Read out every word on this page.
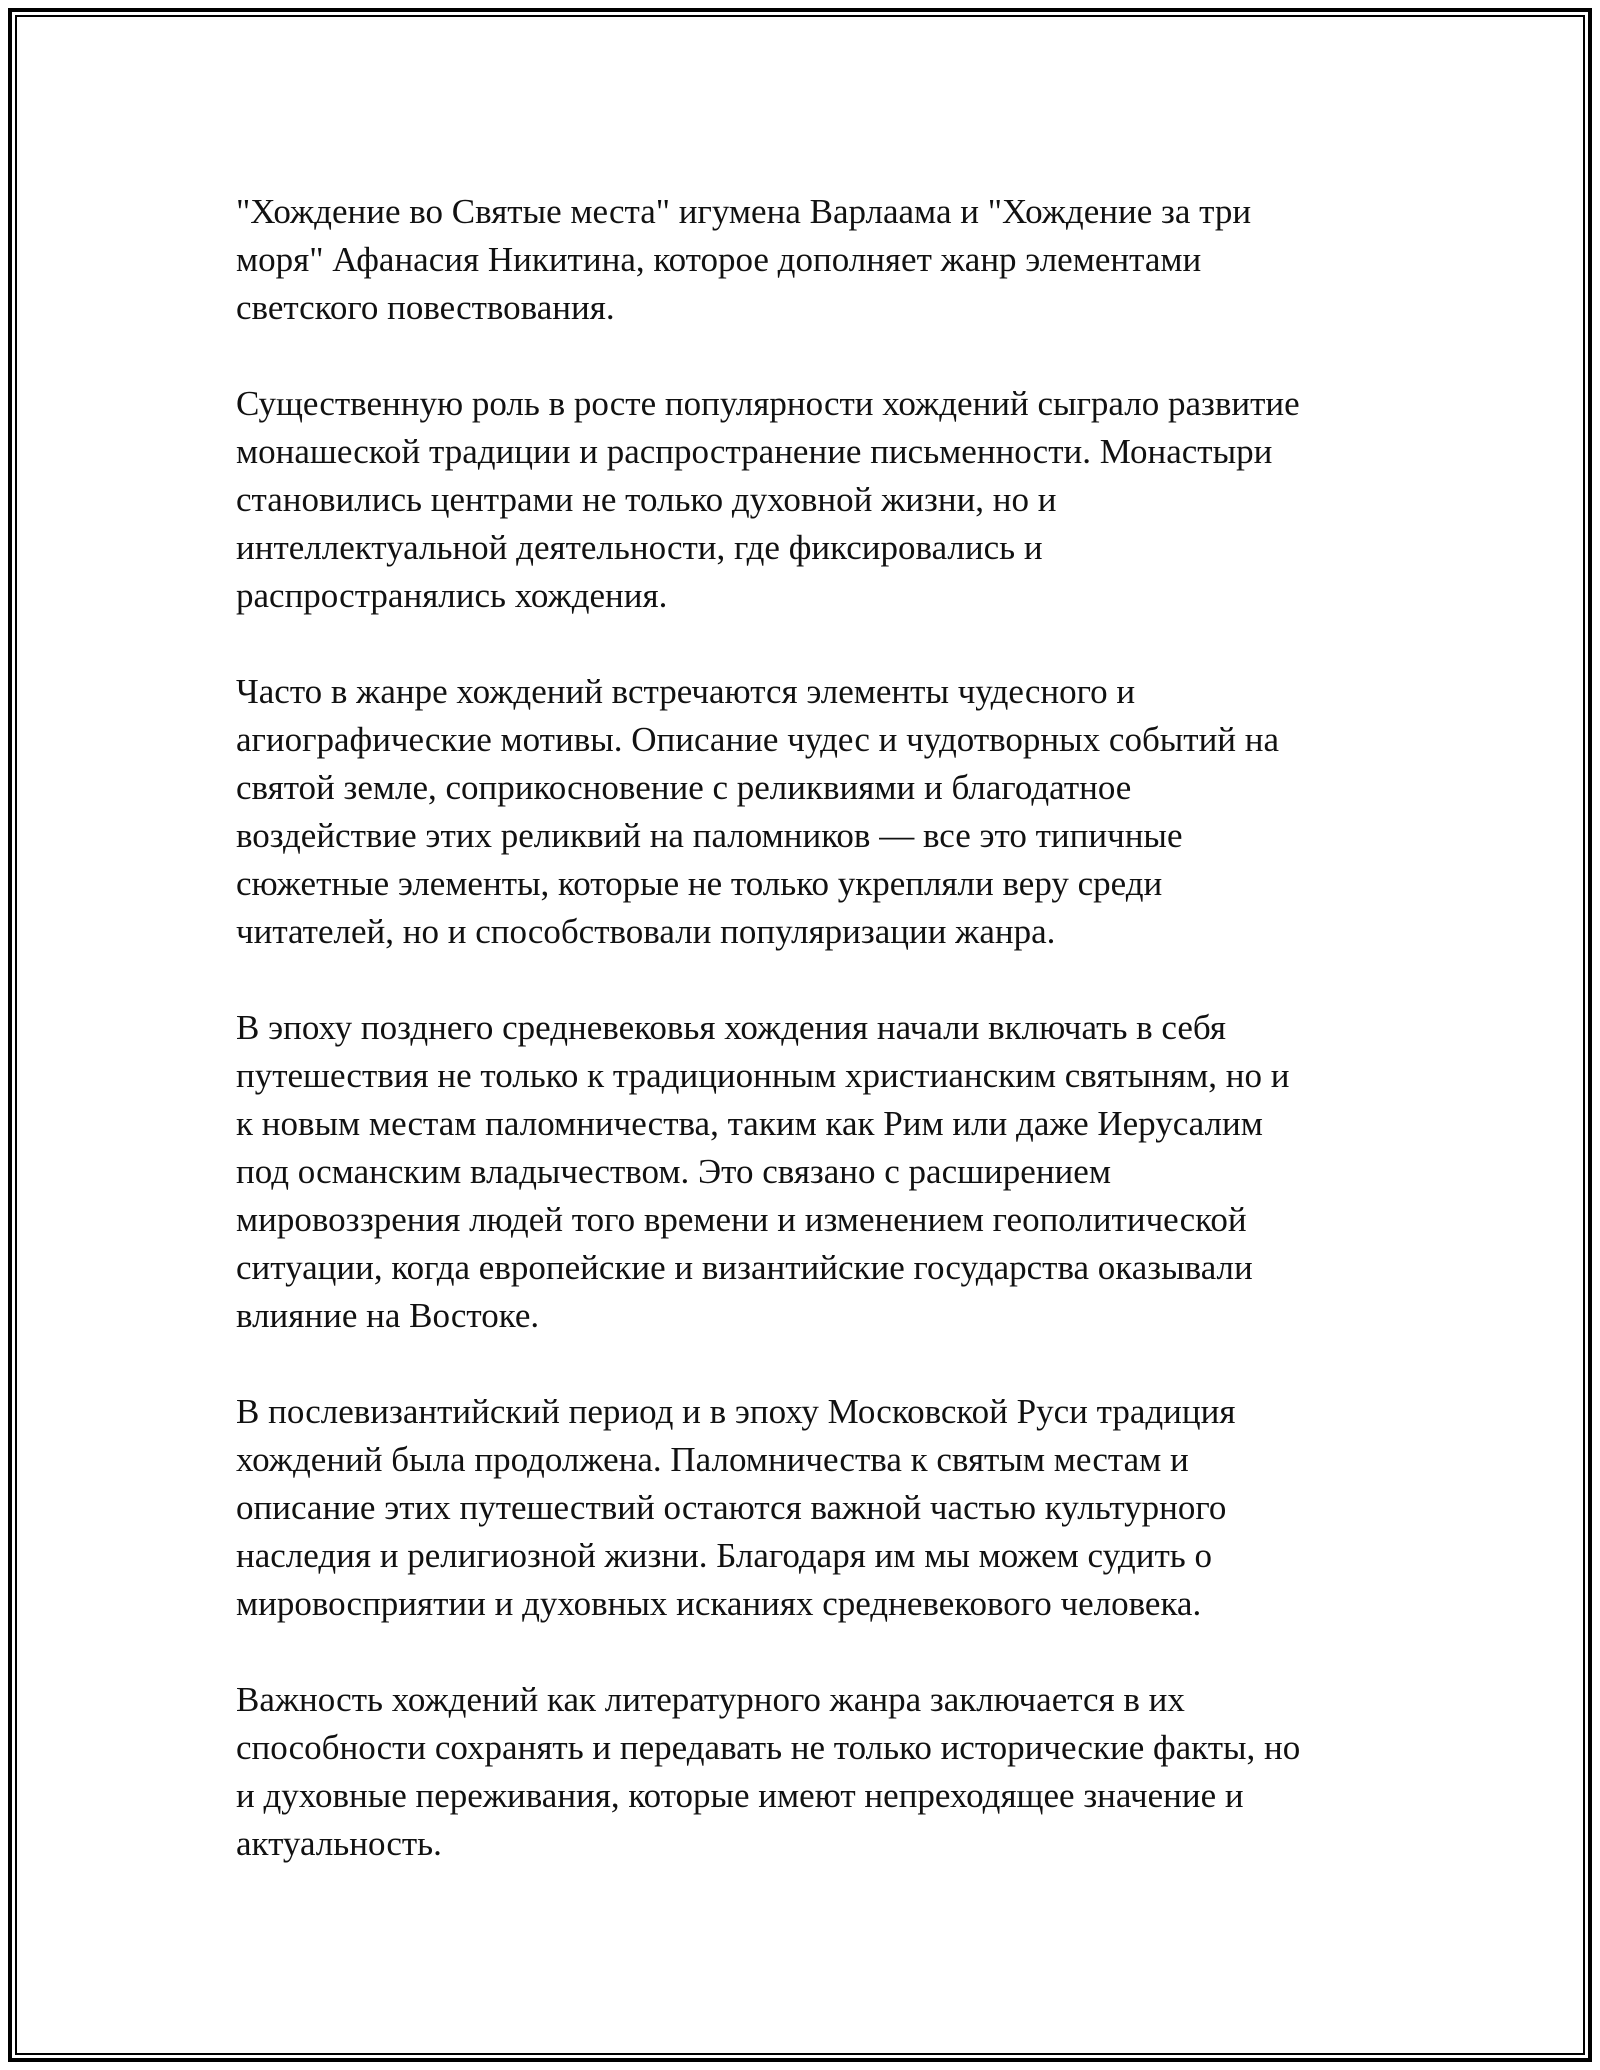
"Хождение во Святые места" игумена Варлаама и "Хождение за три
моря" Афанасия Никитина, которое дополняет жанр элементами
светского повествования.

Существенную роль в росте популярности хождений сыграло развитие
монашеской традиции и распространение письменности. Монастыри
становились центрами не только духовной жизни, но и
интеллектуальной деятельности, где фиксировались и
распространялись хождения.

Часто в жанре хождений встречаются элементы чудесного и
агиографические мотивы. Описание чудес и чудотворных событий на
святой земле, соприкосновение с реликвиями и благодатное
воздействие этих реликвий на паломников — все это типичные
сюжетные элементы, которые не только укрепляли веру среди
читателей, но и способствовали популяризации жанра.

В эпоху позднего средневековья хождения начали включать в себя
путешествия не только к традиционным христианским святыням, но и
к новым местам паломничества, таким как Рим или даже Иерусалим
под османским владычеством. Это связано с расширением
мировоззрения людей того времени и изменением геополитической
ситуации, когда европейские и византийские государства оказывали
влияние на Востоке.

В послевизантийский период и в эпоху Московской Руси традиция
хождений была продолжена. Паломничества к святым местам и
описание этих путешествий остаются важной частью культурного
наследия и религиозной жизни. Благодаря им мы можем судить о
мировосприятии и духовных исканиях средневекового человека.

Важность хождений как литературного жанра заключается в их
способности сохранять и передавать не только исторические факты, но
и духовные переживания, которые имеют непреходящее значение и
актуальность.
